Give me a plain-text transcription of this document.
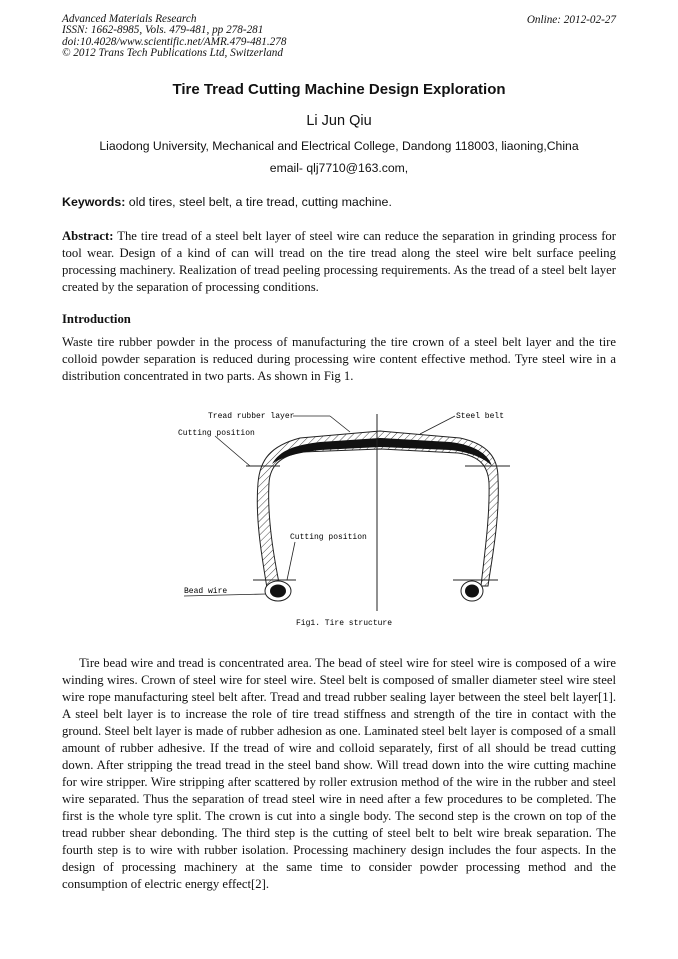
Advanced Materials Research
ISSN: 1662-8985, Vols. 479-481, pp 278-281
doi:10.4028/www.scientific.net/AMR.479-481.278
© 2012 Trans Tech Publications Ltd, Switzerland
Online: 2012-02-27
Tire Tread Cutting Machine Design Exploration
Li Jun Qiu
Liaodong University, Mechanical and Electrical College, Dandong 118003, liaoning,China
email- qlj7710@163.com,
Keywords: old tires, steel belt, a tire tread, cutting machine.
Abstract: The tire tread of a steel belt layer of steel wire can reduce the separation in grinding process for tool wear. Design of a kind of can will tread on the tire tread along the steel wire belt surface peeling processing machinery. Realization of tread peeling processing requirements. As the tread of a steel belt layer created by the separation of processing conditions.
Introduction
Waste tire rubber powder in the process of manufacturing the tire crown of a steel belt layer and the tire colloid powder separation is reduced during processing wire content effective method. Tyre steel wire in a distribution concentrated in two parts. As shown in Fig 1.
Tread rubber layer	Steel belt
Cutting position
Cutting position
Bead wire
Fig1. Tire structure
Tire bead wire and tread is concentrated area. The bead of steel wire for steel wire is composed of a wire winding wires. Crown of steel wire for steel wire. Steel belt is composed of smaller diameter steel wire steel wire rope manufacturing steel belt after. Tread and tread rubber sealing layer between the steel belt layer[1]. A steel belt layer is to increase the role of tire tread stiffness and strength of the tire in contact with the ground. Steel belt layer is made of rubber adhesion as one. Laminated steel belt layer is composed of a small amount of rubber adhesive. If the tread of wire and colloid separately, first of all should be tread cutting down. After stripping the tread tread in the steel band show. Will tread down into the wire cutting machine for wire stripper. Wire stripping after scattered by roller extrusion method of the wire in the rubber and steel wire separated. Thus the separation of tread steel wire in need after a few procedures to be completed. The first is the whole tyre split. The crown is cut into a single body. The second step is the crown on top of the tread rubber shear debonding. The third step is the cutting of steel belt to belt wire break separation. The fourth step is to wire with rubber isolation. Processing machinery design includes the four aspects. In the design of processing machinery at the same time to consider powder processing method and the consumption of electric energy effect[2].
